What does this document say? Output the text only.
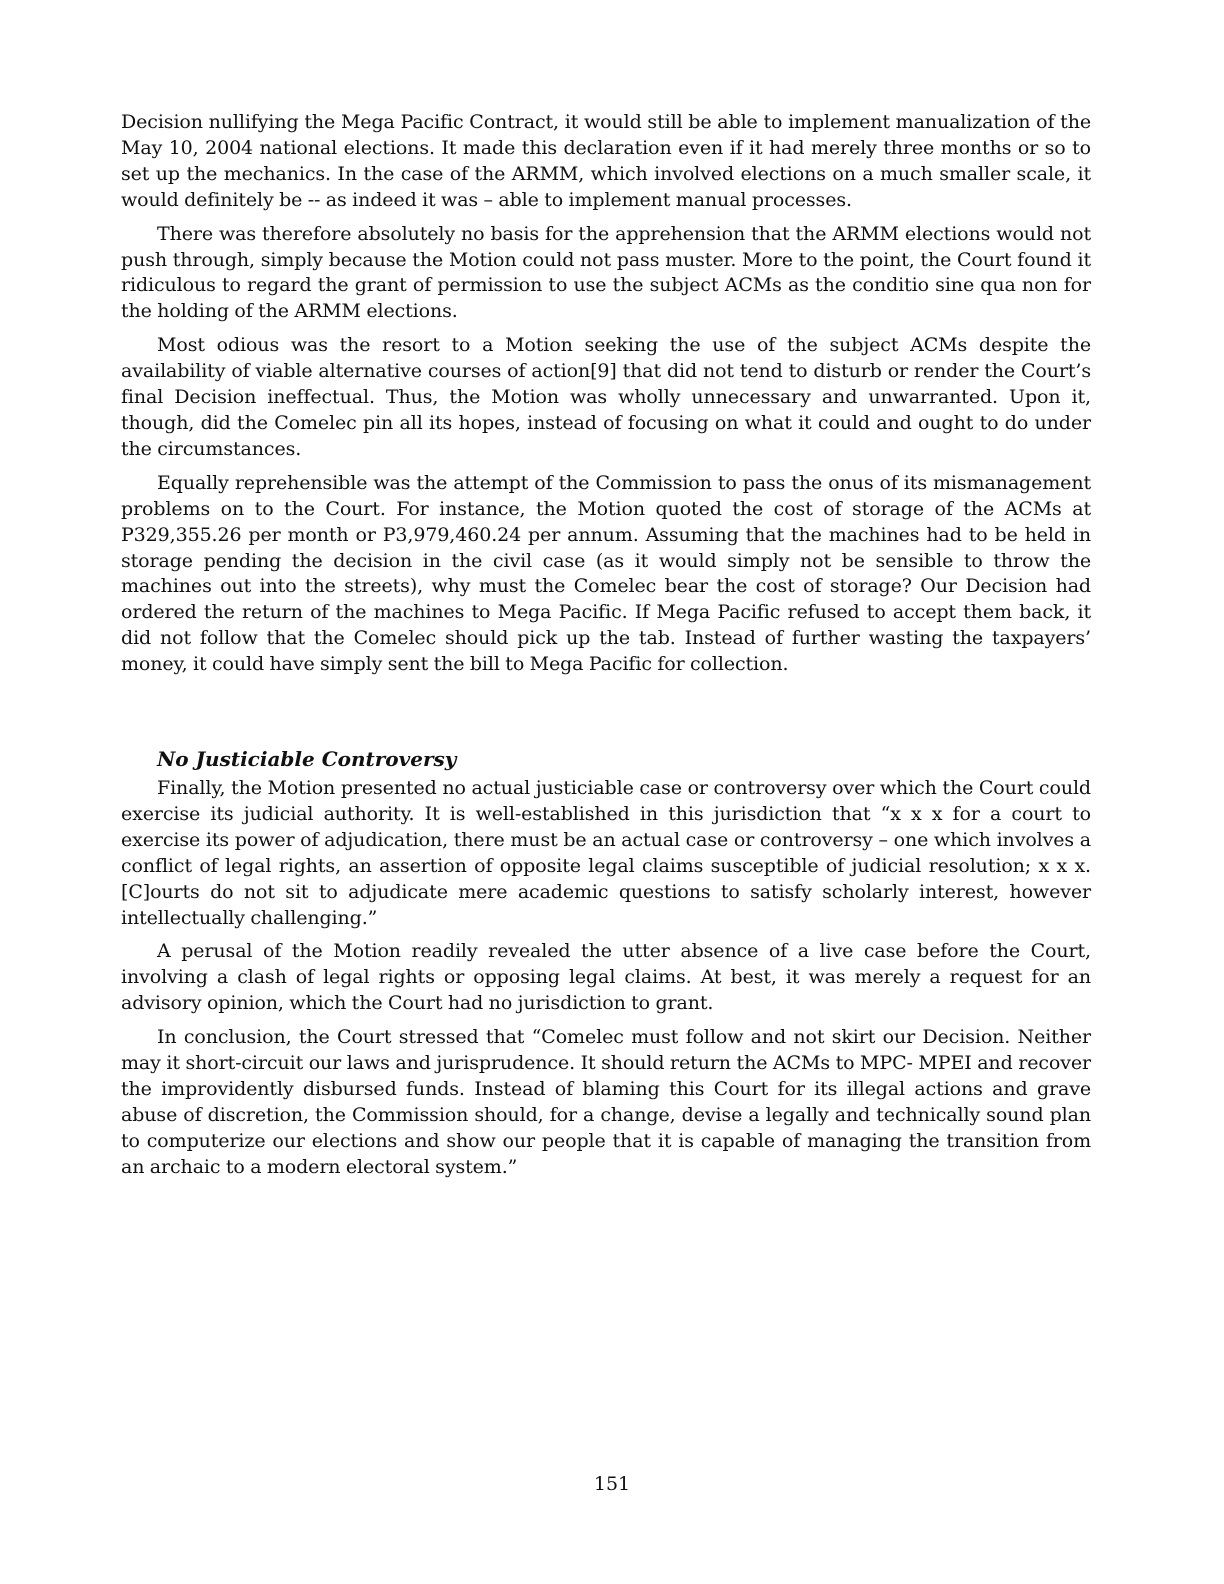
Decision nullifying the Mega Pacific Contract, it would still be able to implement manualization of the May 10, 2004 national elections. It made this declaration even if it had merely three months or so to set up the mechanics. In the case of the ARMM, which involved elections on a much smaller scale, it would definitely be -- as indeed it was – able to implement manual processes.

There was therefore absolutely no basis for the apprehension that the ARMM elections would not push through, simply because the Motion could not pass muster. More to the point, the Court found it ridiculous to regard the grant of permission to use the subject ACMs as the conditio sine qua non for the holding of the ARMM elections.

Most odious was the resort to a Motion seeking the use of the subject ACMs despite the availability of viable alternative courses of action[9] that did not tend to disturb or render the Court’s final Decision ineffectual. Thus, the Motion was wholly unnecessary and unwarranted. Upon it, though, did the Comelec pin all its hopes, instead of focusing on what it could and ought to do under the circumstances.

Equally reprehensible was the attempt of the Commission to pass the onus of its mismanagement problems on to the Court. For instance, the Motion quoted the cost of storage of the ACMs at P329,355.26 per month or P3,979,460.24 per annum. Assuming that the machines had to be held in storage pending the decision in the civil case (as it would simply not be sensible to throw the machines out into the streets), why must the Comelec bear the cost of storage? Our Decision had ordered the return of the machines to Mega Pacific. If Mega Pacific refused to accept them back, it did not follow that the Comelec should pick up the tab. Instead of further wasting the taxpayers’ money, it could have simply sent the bill to Mega Pacific for collection.

No Justiciable Controversy

Finally, the Motion presented no actual justiciable case or controversy over which the Court could exercise its judicial authority. It is well-established in this jurisdiction that “x x x for a court to exercise its power of adjudication, there must be an actual case or controversy – one which involves a conflict of legal rights, an assertion of opposite legal claims susceptible of judicial resolution; x x x. [C]ourts do not sit to adjudicate mere academic questions to satisfy scholarly interest, however intellectually challenging.”

A perusal of the Motion readily revealed the utter absence of a live case before the Court, involving a clash of legal rights or opposing legal claims. At best, it was merely a request for an advisory opinion, which the Court had no jurisdiction to grant.

In conclusion, the Court stressed that “Comelec must follow and not skirt our Decision. Neither may it short-circuit our laws and jurisprudence. It should return the ACMs to MPC- MPEI and recover the improvidently disbursed funds. Instead of blaming this Court for its illegal actions and grave abuse of discretion, the Commission should, for a change, devise a legally and technically sound plan to computerize our elections and show our people that it is capable of managing the transition from an archaic to a modern electoral system.”

151
